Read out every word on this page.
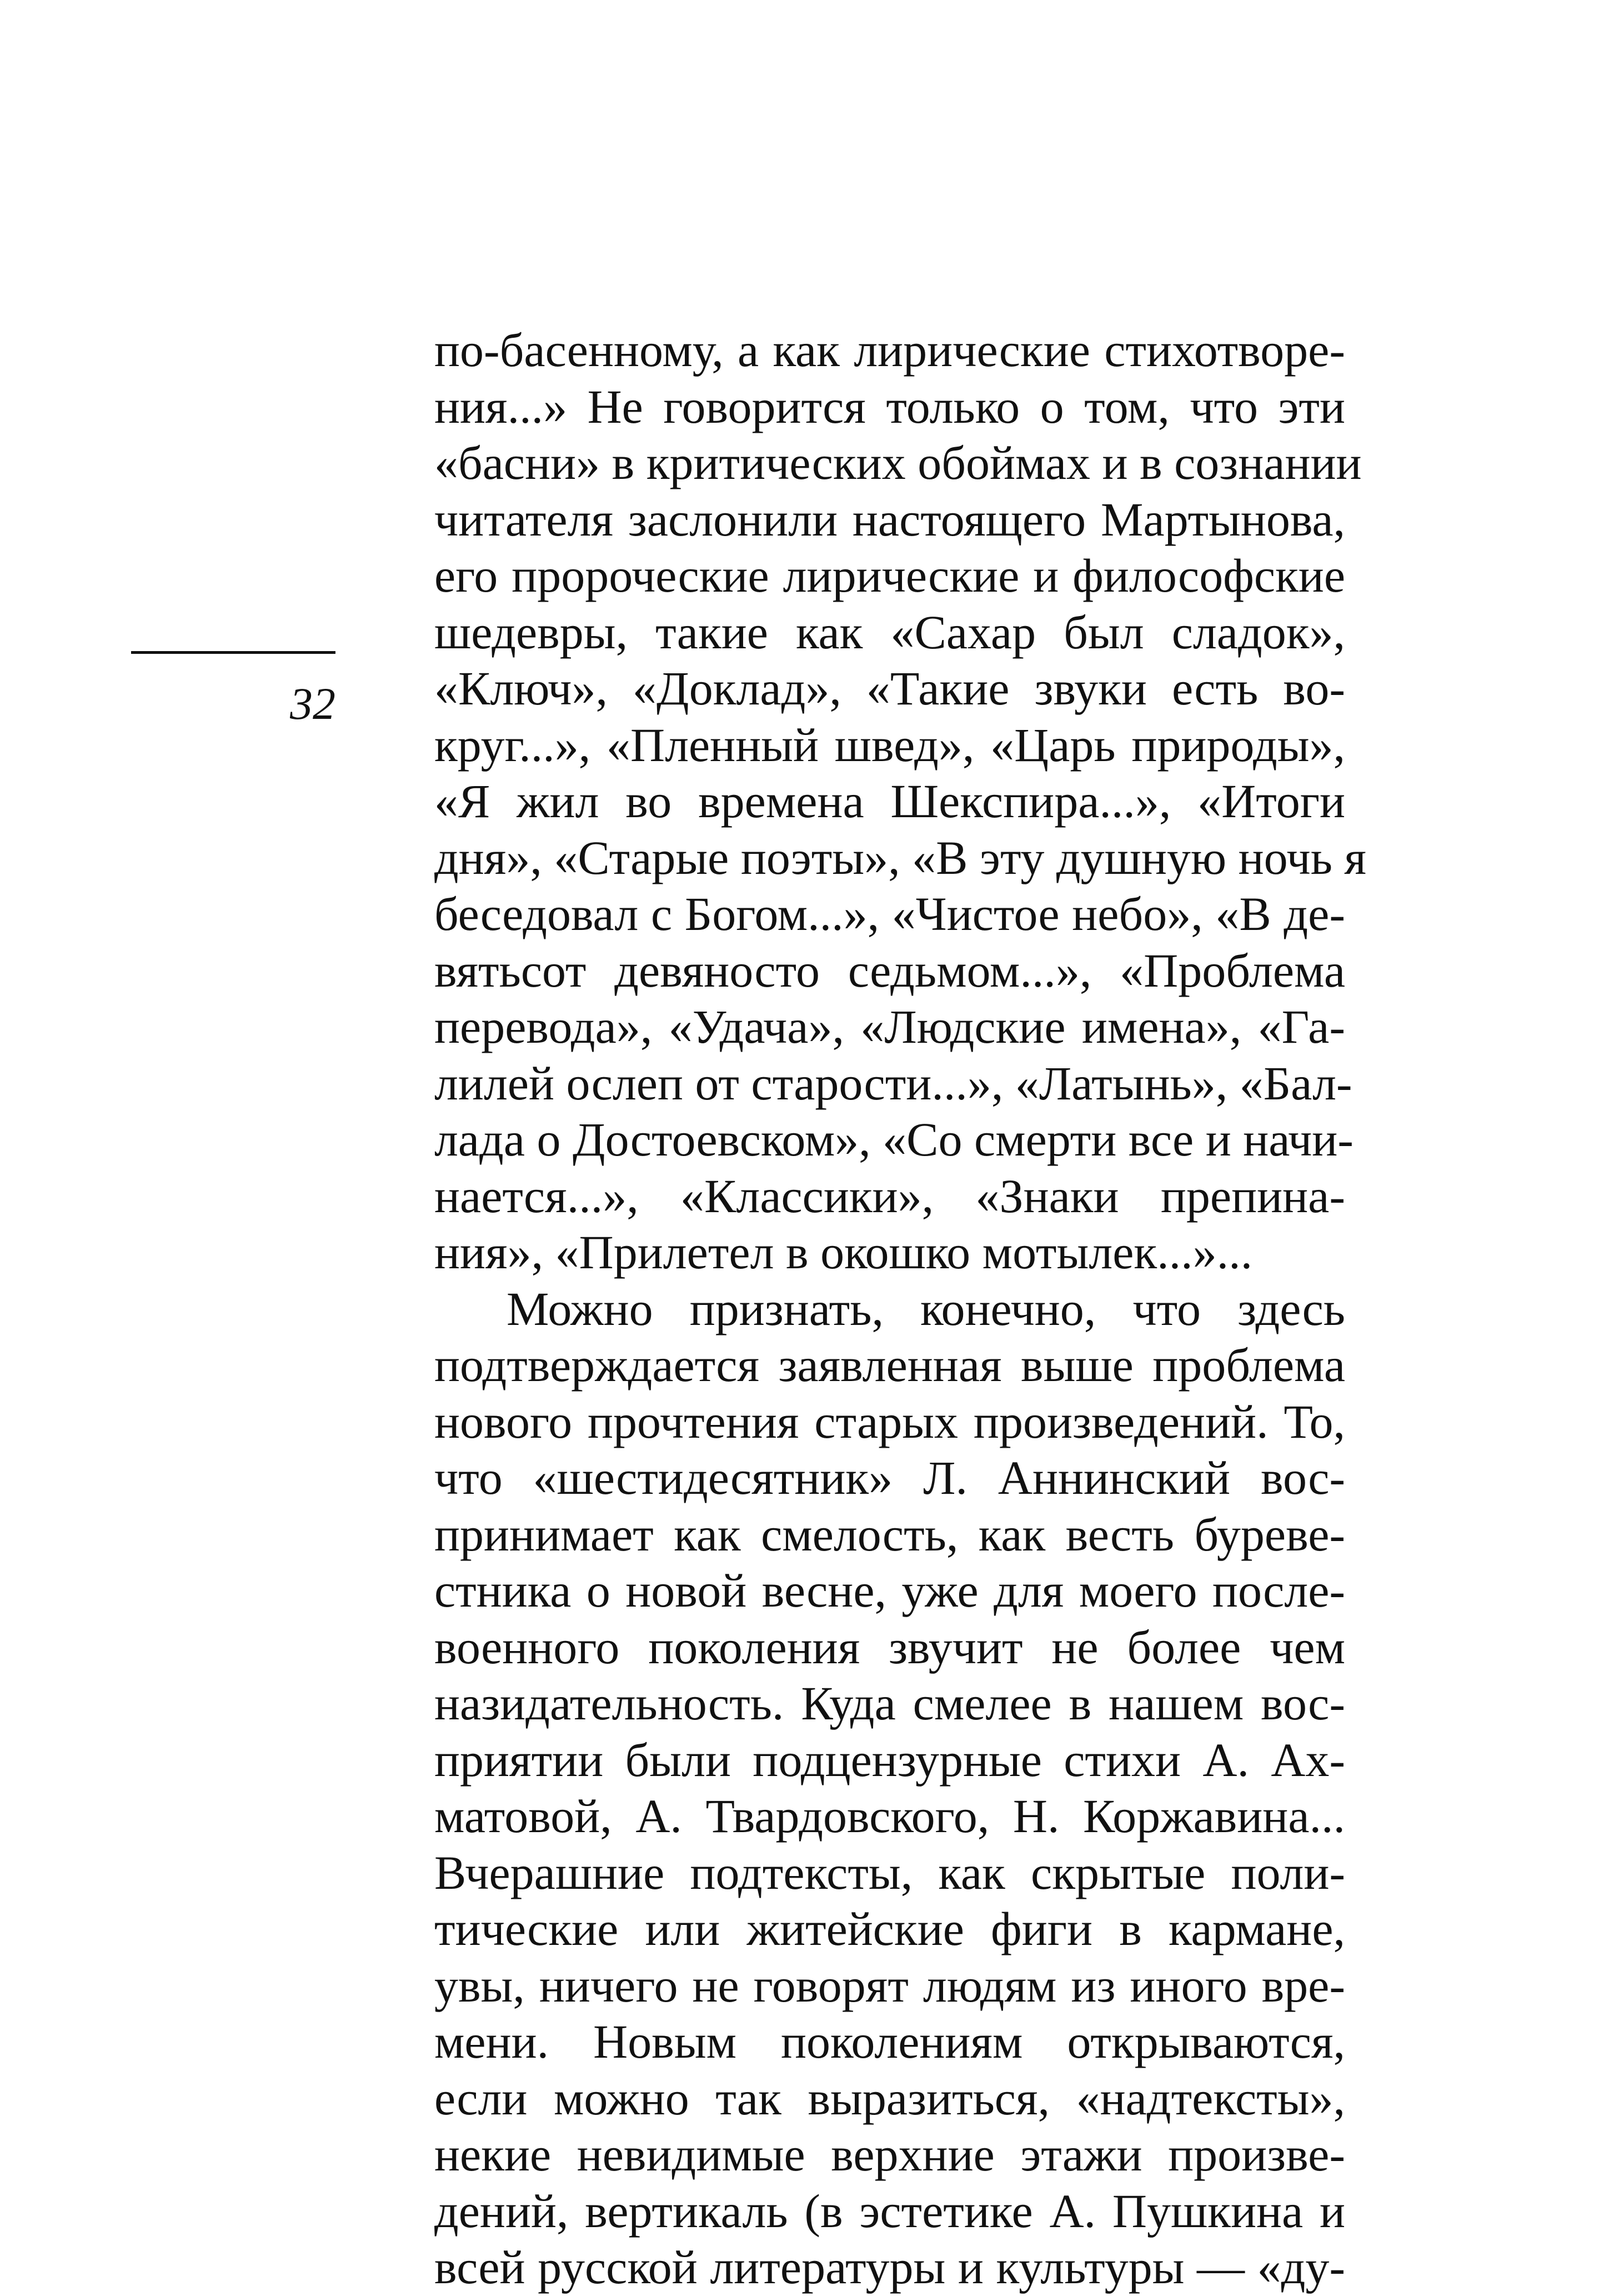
32
по-басенному, а как лирические стихотворе-
ния...» Не говорится только о том, что эти
«басни» в критических обоймах и в сознании
читателя заслонили настоящего Мартынова,
его пророческие лирические и философские
шедевры, такие как «Сахар был сладок»,
«Ключ», «Доклад», «Такие звуки есть во-
круг...», «Пленный швед», «Царь природы»,
«Я жил во времена Шекспира...», «Итоги
дня», «Старые поэты», «В эту душную ночь я
беседовал с Богом...», «Чистое небо», «В де-
вятьсот девяносто седьмом...», «Проблема
перевода», «Удача», «Людские имена», «Га-
лилей ослеп от старости...», «Латынь», «Бал-
лада о Достоевском», «Со смерти все и начи-
нается...», «Классики», «Знаки препина-
ния», «Прилетел в окошко мотылек...»...
Можно признать, конечно, что здесь
подтверждается заявленная выше проблема
нового прочтения старых произведений. То,
что «шестидесятник» Л. Аннинский вос-
принимает как смелость, как весть буреве-
стника о новой весне, уже для моего после-
военного поколения звучит не более чем
назидательность. Куда смелее в нашем вос-
приятии были подцензурные стихи А. Ах-
матовой, А. Твардовского, Н. Коржавина...
Вчерашние подтексты, как скрытые поли-
тические или житейские фиги в кармане,
увы, ничего не говорят людям из иного вре-
мени. Новым поколениям открываются,
если можно так выразиться, «надтексты»,
некие невидимые верхние этажи произве-
дений, вертикаль (в эстетике А. Пушкина и
всей русской литературы и культуры — «ду-
